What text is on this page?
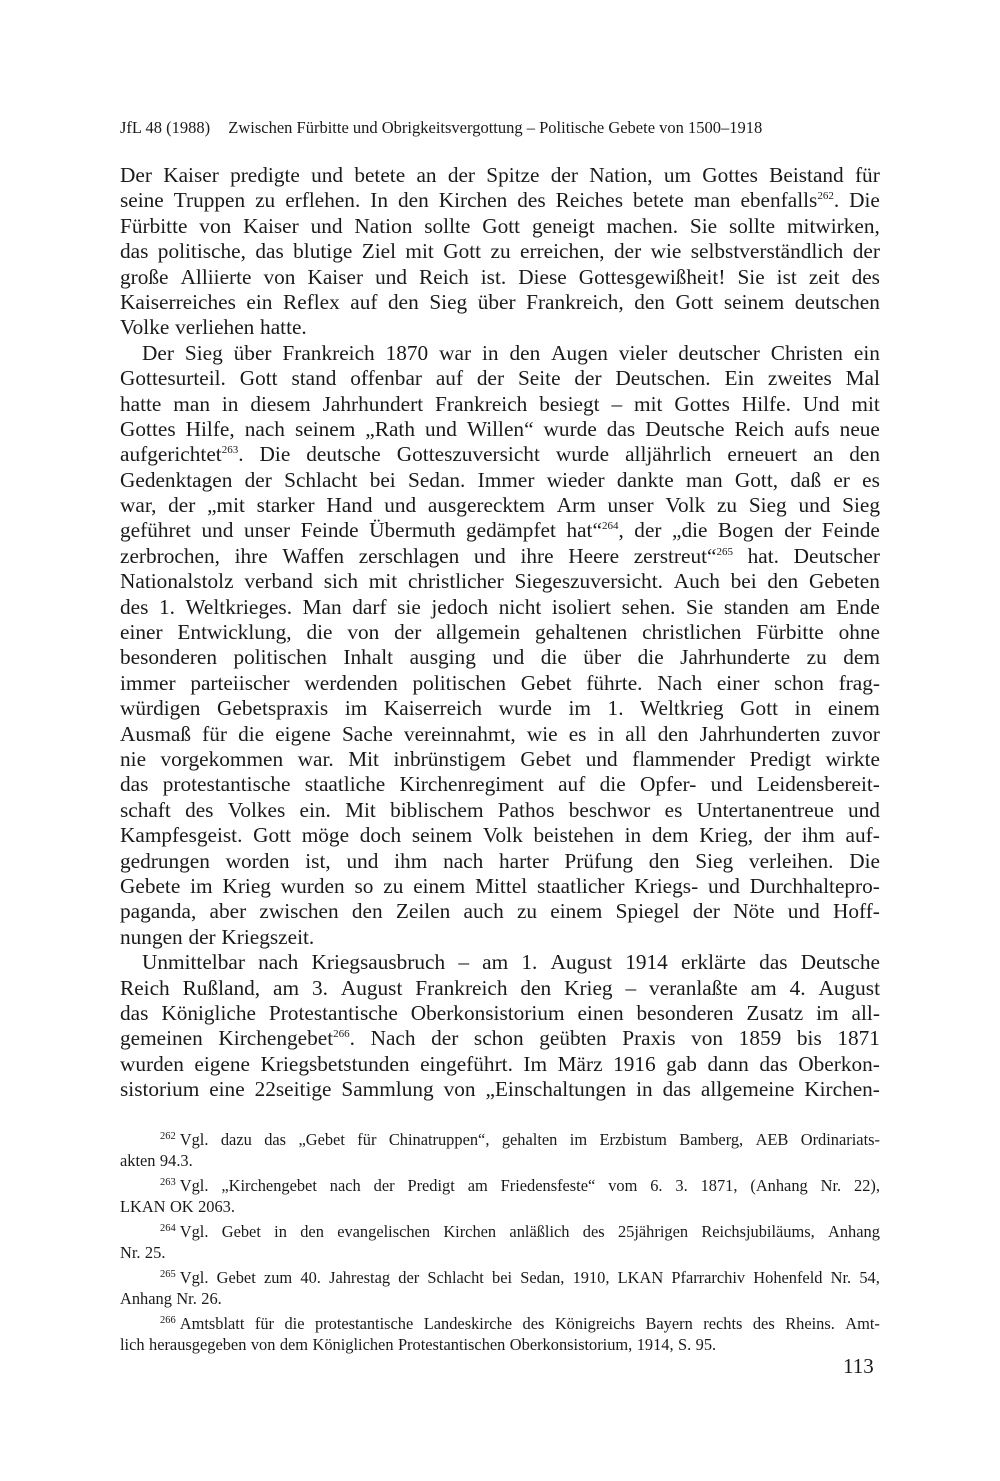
JfL 48 (1988) Zwischen Fürbitte und Obrigkeitsvergottung – Politische Gebete von 1500–1918
Der Kaiser predigte und betete an der Spitze der Nation, um Gottes Beistand für
seine Truppen zu erflehen. In den Kirchen des Reiches betete man ebenfalls$^{262}$. Die
Fürbitte von Kaiser und Nation sollte Gott geneigt machen. Sie sollte mitwirken,
das politische, das blutige Ziel mit Gott zu erreichen, der wie selbstverständlich der
große Alliierte von Kaiser und Reich ist. Diese Gottesgewißheit! Sie ist zeit des
Kaiserreiches ein Reflex auf den Sieg über Frankreich, den Gott seinem deutschen
Volke verliehen hatte.
Der Sieg über Frankreich 1870 war in den Augen vieler deutscher Christen ein
Gottesurteil. Gott stand offenbar auf der Seite der Deutschen. Ein zweites Mal
hatte man in diesem Jahrhundert Frankreich besiegt – mit Gottes Hilfe. Und mit
Gottes Hilfe, nach seinem „Rath und Willen“ wurde das Deutsche Reich aufs neue
aufgerichtet$^{263}$. Die deutsche Gotteszuversicht wurde alljährlich erneuert an den
Gedenktagen der Schlacht bei Sedan. Immer wieder dankte man Gott, daß er es
war, der „mit starker Hand und ausgerecktem Arm unser Volk zu Sieg und Sieg
geführet und unser Feinde Übermuth gedämpfet hat“$^{264}$, der „die Bogen der Feinde
zerbrochen, ihre Waffen zerschlagen und ihre Heere zerstreut“$^{265}$ hat. Deutscher
Nationalstolz verband sich mit christlicher Siegeszuversicht. Auch bei den Gebeten
des 1. Weltkrieges. Man darf sie jedoch nicht isoliert sehen. Sie standen am Ende
einer Entwicklung, die von der allgemein gehaltenen christlichen Fürbitte ohne
besonderen politischen Inhalt ausging und die über die Jahrhunderte zu dem
immer parteiischer werdenden politischen Gebet führte. Nach einer schon frag-
würdigen Gebetspraxis im Kaiserreich wurde im 1. Weltkrieg Gott in einem
Ausmaß für die eigene Sache vereinnahmt, wie es in all den Jahrhunderten zuvor
nie vorgekommen war. Mit inbrünstigem Gebet und flammender Predigt wirkte
das protestantische staatliche Kirchenregiment auf die Opfer- und Leidensbereit-
schaft des Volkes ein. Mit biblischem Pathos beschwor es Untertanentreue und
Kampfesgeist. Gott möge doch seinem Volk beistehen in dem Krieg, der ihm auf-
gedrungen worden ist, und ihm nach harter Prüfung den Sieg verleihen. Die
Gebete im Krieg wurden so zu einem Mittel staatlicher Kriegs- und Durchhaltepro-
paganda, aber zwischen den Zeilen auch zu einem Spiegel der Nöte und Hoff-
nungen der Kriegszeit.
Unmittelbar nach Kriegsausbruch – am 1. August 1914 erklärte das Deutsche
Reich Rußland, am 3. August Frankreich den Krieg – veranlaßte am 4. August
das Königliche Protestantische Oberkonsistorium einen besonderen Zusatz im all-
gemeinen Kirchengebet$^{266}$. Nach der schon geübten Praxis von 1859 bis 1871
wurden eigene Kriegsbetstunden eingeführt. Im März 1916 gab dann das Oberkon-
sistorium eine 22seitige Sammlung von „Einschaltungen in das allgemeine Kirchen-
$^{262}$ Vgl. dazu das „Gebet für Chinatruppen“, gehalten im Erzbistum Bamberg, AEB Ordinariats-
akten 94.3.
$^{263}$ Vgl. „Kirchengebet nach der Predigt am Friedensfeste“ vom 6. 3. 1871, (Anhang Nr. 22),
LKAN OK 2063.
$^{264}$ Vgl. Gebet in den evangelischen Kirchen anläßlich des 25jährigen Reichsjubiläums, Anhang
Nr. 25.
$^{265}$ Vgl. Gebet zum 40. Jahrestag der Schlacht bei Sedan, 1910, LKAN Pfarrarchiv Hohenfeld Nr. 54,
Anhang Nr. 26.
$^{266}$ Amtsblatt für die protestantische Landeskirche des Königreichs Bayern rechts des Rheins. Amt-
lich herausgegeben von dem Königlichen Protestantischen Oberkonsistorium, 1914, S. 95.
113
